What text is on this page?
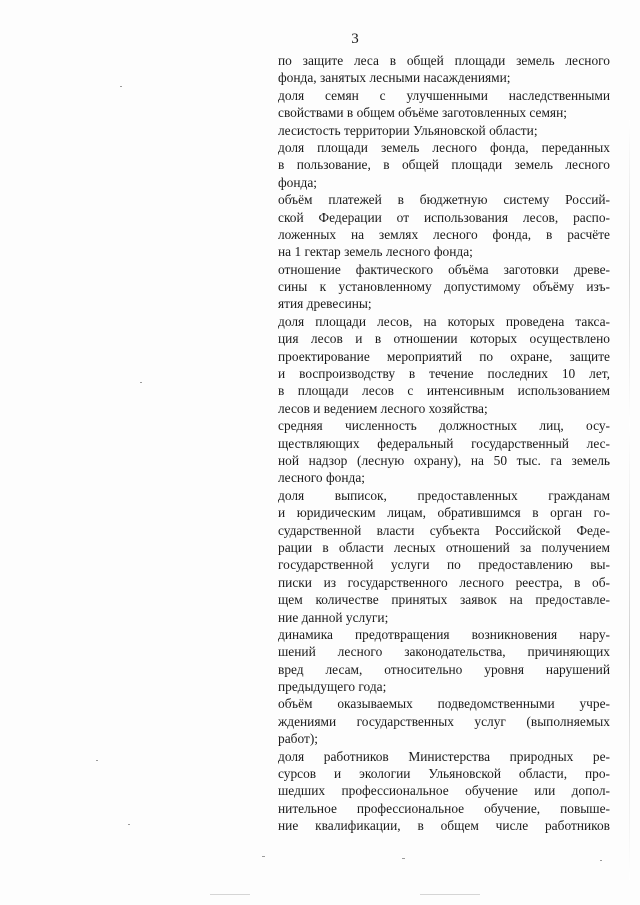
3
по защите леса в общей площади земель лесного
фонда, занятых лесными насаждениями;
доля семян с улучшенными наследственными
свойствами в общем объёме заготовленных семян;
лесистость территории Ульяновской области;
доля площади земель лесного фонда, переданных
в пользование, в общей площади земель лесного
фонда;
объём платежей в бюджетную систему Россий-
ской Федерации от использования лесов, распо-
ложенных на землях лесного фонда, в расчёте
на 1 гектар земель лесного фонда;
отношение фактического объёма заготовки древе-
сины к установленному допустимому объёму изъ-
ятия древесины;
доля площади лесов, на которых проведена такса-
ция лесов и в отношении которых осуществлено
проектирование мероприятий по охране, защите
и воспроизводству в течение последних 10 лет,
в площади лесов с интенсивным использованием
лесов и ведением лесного хозяйства;
средняя численность должностных лиц, осу-
ществляющих федеральный государственный лес-
ной надзор (лесную охрану), на 50 тыс. га земель
лесного фонда;
доля выписок, предоставленных гражданам
и юридическим лицам, обратившимся в орган го-
сударственной власти субъекта Российской Феде-
рации в области лесных отношений за получением
государственной услуги по предоставлению вы-
писки из государственного лесного реестра, в об-
щем количестве принятых заявок на предоставле-
ние данной услуги;
динамика предотвращения возникновения нару-
шений лесного законодательства, причиняющих
вред лесам, относительно уровня нарушений
предыдущего года;
объём оказываемых подведомственными учре-
ждениями государственных услуг (выполняемых
работ);
доля работников Министерства природных ре-
сурсов и экологии Ульяновской области, про-
шедших профессиональное обучение или допол-
нительное профессиональное обучение, повыше-
ние квалификации, в общем числе работников
